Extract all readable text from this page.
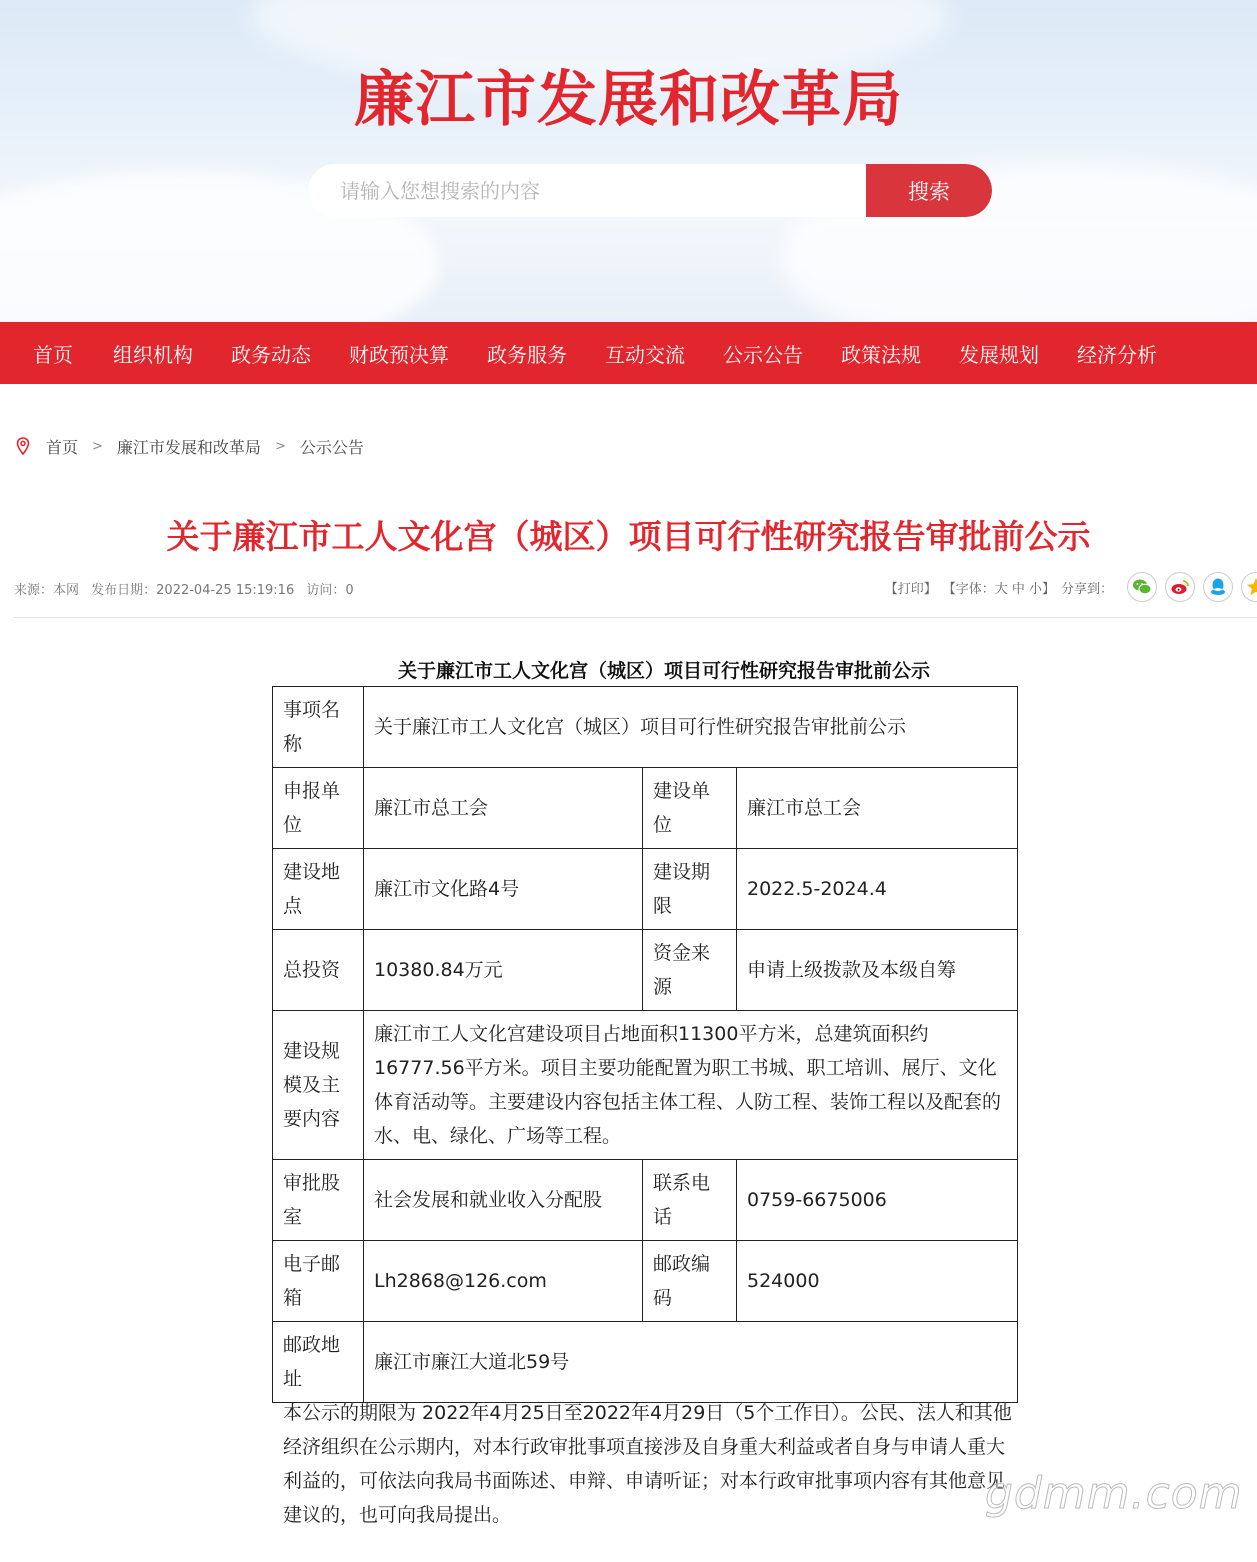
廉江市发展和改革局
请输入您想搜索的内容
搜索
首页 组织机构 政务动态 财政预决算 政务服务 互动交流 公示公告 政策法规 发展规划 经济分析
首页 > 廉江市发展和改革局 > 公示公告
关于廉江市工人文化宫（城区）项目可行性研究报告审批前公示
来源：本网 发布日期：2022-04-25 15:19:16 访问：0	【打印】 【字体：大 中 小】 分享到：
关于廉江市工人文化宫（城区）项目可行性研究报告审批前公示
事项名称	关于廉江市工人文化宫（城区）项目可行性研究报告审批前公示		
申报单位	廉江市总工会	建设单位	廉江市总工会
建设地点	廉江市文化路4号	建设期限	2022.5-2024.4
总投资	10380.84万元	资金来源	申请上级拨款及本级自筹
建设规模及主要内容	廉江市工人文化宫建设项目占地面积11300平方米，总建筑面积约16777.56平方米。项目主要功能配置为职工书城、职工培训、展厅、文化体育活动等。主要建设内容包括主体工程、人防工程、装饰工程以及配套的水、电、绿化、广场等工程。		
审批股室	社会发展和就业收入分配股	联系电话	0759-6675006
电子邮箱	Lh2868@126.com	邮政编码	524000
邮政地址	廉江市廉江大道北59号		
本公示的期限为 2022年4月25日至2022年4月29日（5个工作日）。公民、法人和其他经济组织在公示期内，对本行政审批事项直接涉及自身重大利益或者自身与申请人重大利益的，可依法向我局书面陈述、申辩、申请听证；对本行政审批事项内容有其他意见建议的，也可向我局提出。	gdmm.com
